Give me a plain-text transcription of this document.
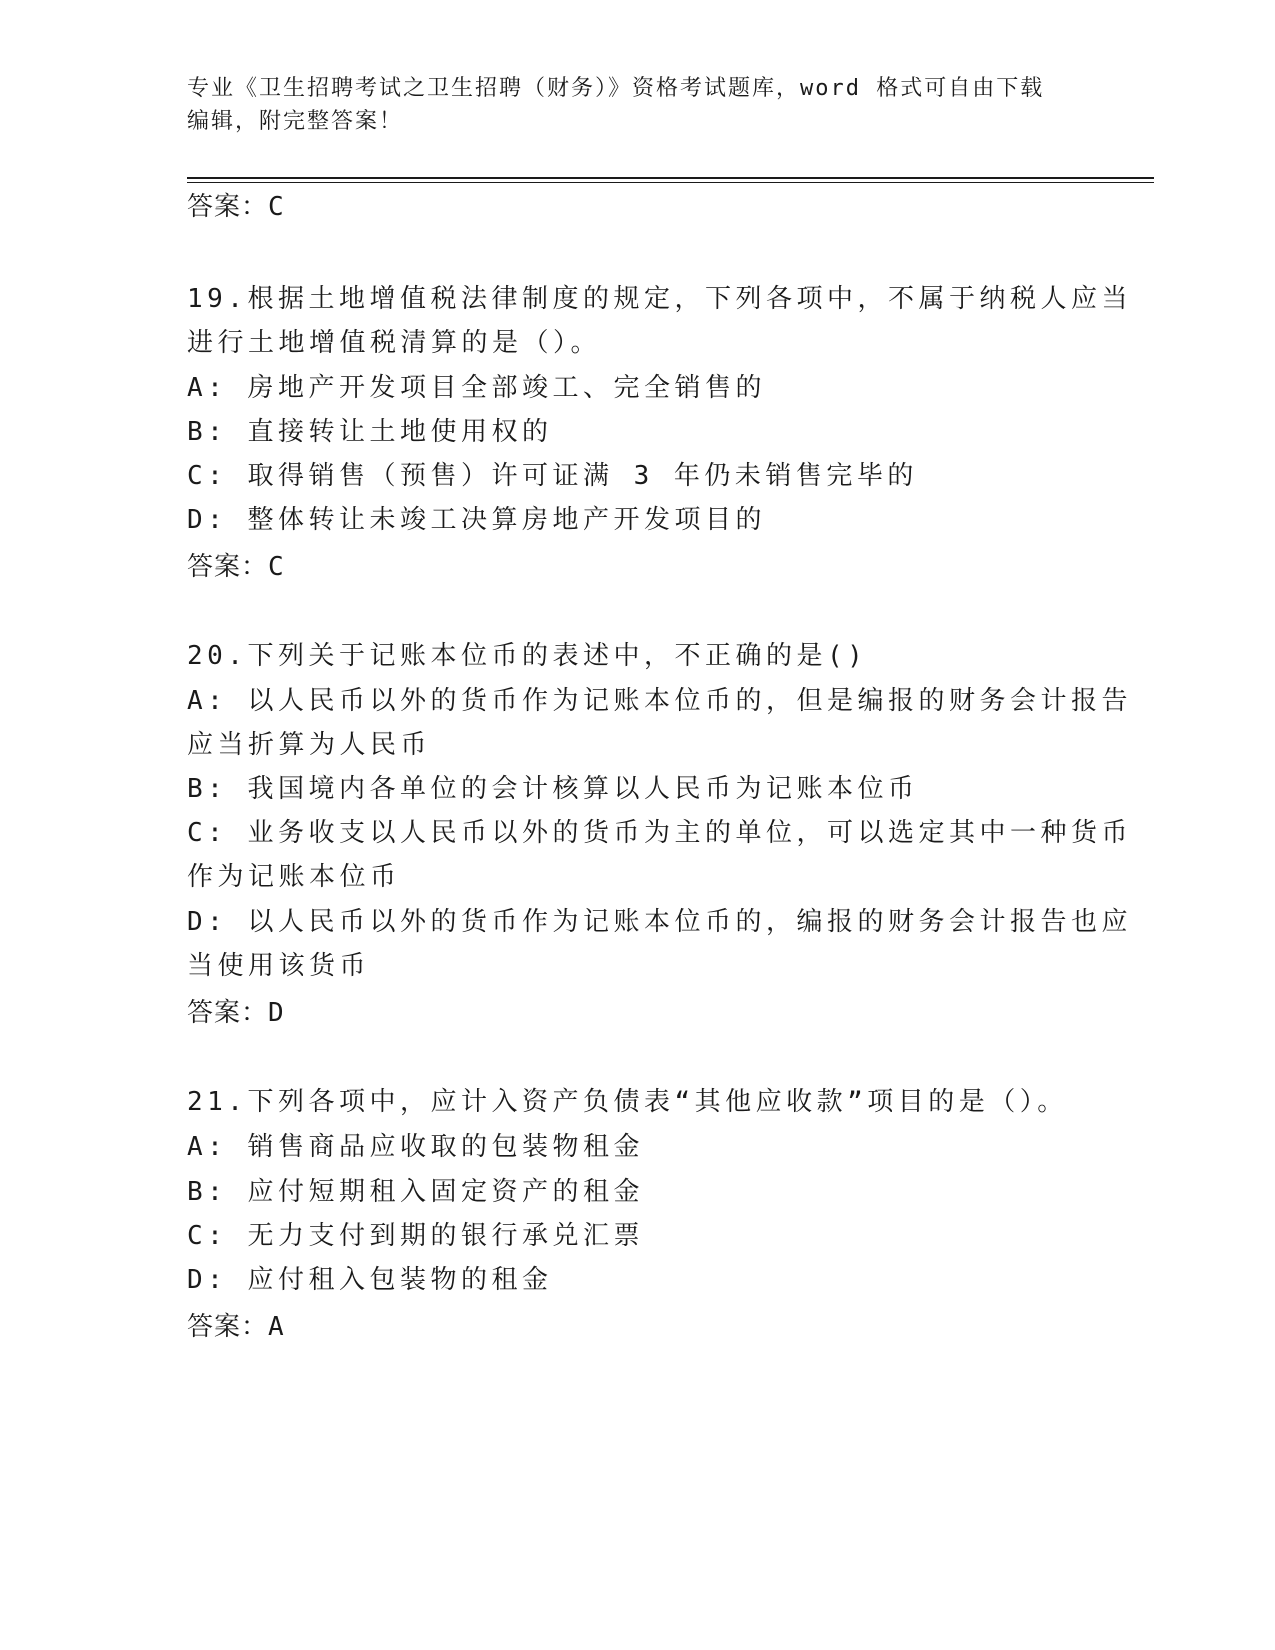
专业《卫生招聘考试之卫生招聘（财务）》资格考试题库，word 格式可自由下载
编辑，附完整答案！
答案：C
19.根据土地增值税法律制度的规定，下列各项中，不属于纳税人应当
进行土地增值税清算的是（）。
A: 房地产开发项目全部竣工、完全销售的
B: 直接转让土地使用权的
C: 取得销售（预售）许可证满 3 年仍未销售完毕的
D: 整体转让未竣工决算房地产开发项目的
答案：C
20.下列关于记账本位币的表述中，不正确的是()
A: 以人民币以外的货币作为记账本位币的，但是编报的财务会计报告
应当折算为人民币
B: 我国境内各单位的会计核算以人民币为记账本位币
C: 业务收支以人民币以外的货币为主的单位，可以选定其中一种货币
作为记账本位币
D: 以人民币以外的货币作为记账本位币的，编报的财务会计报告也应
当使用该货币
答案：D
21.下列各项中，应计入资产负债表“其他应收款”项目的是（）。
A: 销售商品应收取的包装物租金
B: 应付短期租入固定资产的租金
C: 无力支付到期的银行承兑汇票
D: 应付租入包装物的租金
答案：A
